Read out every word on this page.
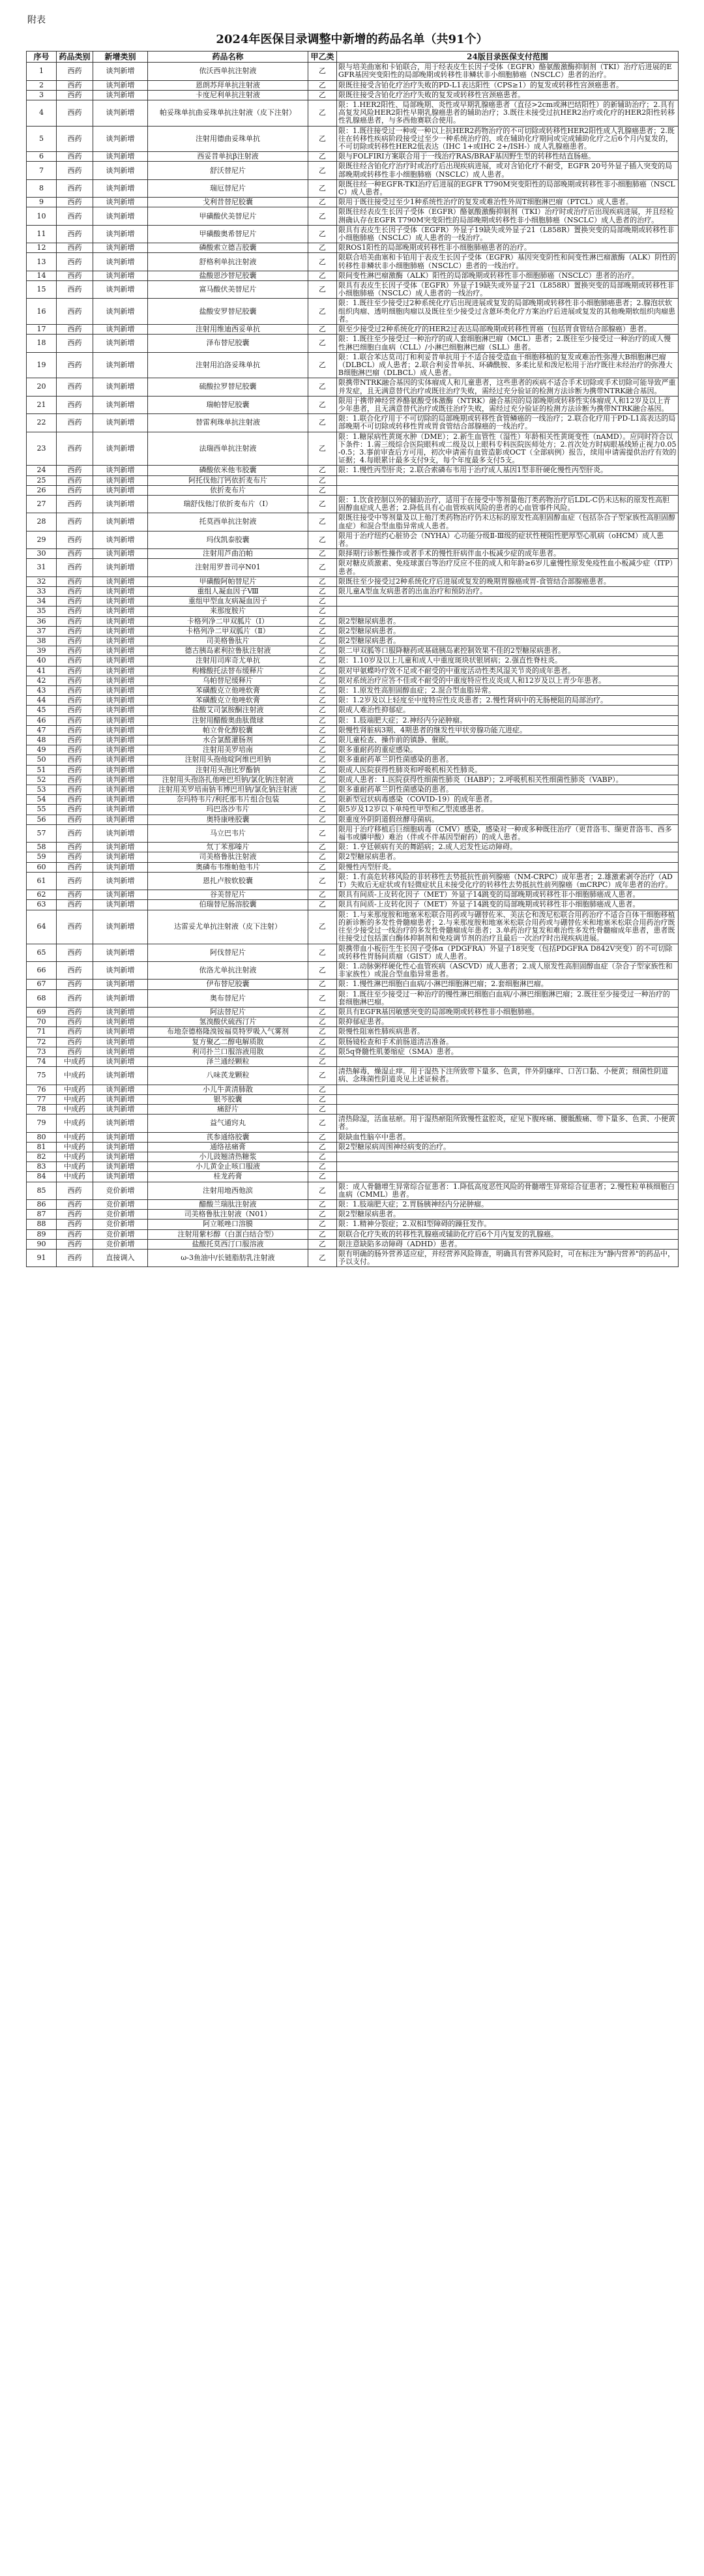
附表
2024年医保目录调整中新增的药品名单（共91个）
序号	药品类别	新增类别	药品名称	甲乙类	24版目录医保支付范围
1	西药	谈判新增	依沃西单抗注射液	乙	限与培美曲塞和卡铂联合，用于经表皮生长因子受体（EGFR）酪氨酸激酶抑制剂（TKI）治疗后进展的EGFR基因突变阳性的局部晚期或转移性非鳞状非小细胞肺癌（NSCLC）患者的治疗。
2	西药	谈判新增	恩朗苏拜单抗注射液	乙	限既往接受含铂化疗治疗失败的PD-L1表达阳性（CPS≥1）的复发或转移性宫颈癌患者。
3	西药	谈判新增	卡度尼利单抗注射液	乙	限既往接受含铂化疗治疗失败的复发或转移性宫颈癌患者。
4	西药	谈判新增	帕妥珠单抗曲妥珠单抗注射液（皮下注射）	乙	限：1.HER2阳性、局部晚期、炎性或早期乳腺癌患者（直径>2cm或淋巴结阳性）的新辅助治疗；2.具有高复发风险HER2阳性早期乳腺癌患者的辅助治疗；3.既往未接受过抗HER2治疗或化疗的HER2阳性转移性乳腺癌患者，与多西他赛联合使用。
5	西药	谈判新增	注射用德曲妥珠单抗	乙	限：1.既往接受过一种或一种以上抗HER2药物治疗的不可切除或转移性HER2阳性成人乳腺癌患者；2.既往在转移性疾病阶段接受过至少一种系统治疗的，或在辅助化疗期间或完成辅助化疗之后6个月内复发的，不可切除或转移性HER2低表达（IHC 1+或IHC 2+/ISH-）成人乳腺癌患者。
6	西药	谈判新增	西妥昔单抗β注射液	乙	限与FOLFIRI方案联合用于一线治疗RAS/BRAF基因野生型的转移性结直肠癌。
7	西药	谈判新增	舒沃替尼片	乙	限既往经含铂化疗治疗时或治疗后出现疾病进展，或对含铂化疗不耐受，EGFR 20号外显子插入突变的局部晚期或转移性非小细胞肺癌（NSCLC）成人患者。
8	西药	谈判新增	瑞厄替尼片	乙	限既往经一种EGFR-TKI治疗后进展的EGFR T790M突变阳性的局部晚期或转移性非小细胞肺癌（NSCLC）成人患者。
9	西药	谈判新增	戈利昔替尼胶囊	乙	限用于既往接受过至少1种系统性治疗的复发或难治性外周T细胞淋巴瘤（PTCL）成人患者。
10	西药	谈判新增	甲磺酸伏美替尼片	乙	限既往经表皮生长因子受体（EGFR）酪氨酸激酶抑制剂（TKI）治疗时或治疗后出现疾病进展，并且经检测确认存在EGFR T790M突变阳性的局部晚期或转移性非小细胞肺癌（NSCLC）成人患者的治疗。
11	西药	谈判新增	甲磺酸奥希替尼片	乙	限具有表皮生长因子受体（EGFR）外显子19缺失或外显子21（L858R）置换突变的局部晚期或转移性非小细胞肺癌（NSCLC）成人患者的一线治疗。
12	西药	谈判新增	磷酸索立德吉胶囊	乙	限ROS1阳性的局部晚期或转移性非小细胞肺癌患者的治疗。
13	西药	谈判新增	舒格利单抗注射液	乙	限联合培美曲塞和卡铂用于表皮生长因子受体（EGFR）基因突变阴性和间变性淋巴瘤激酶（ALK）阴性的转移性非鳞状非小细胞肺癌（NSCLC）患者的一线治疗。
14	西药	谈判新增	盐酸恩沙替尼胶囊	乙	限间变性淋巴瘤激酶（ALK）阳性的局部晚期或转移性非小细胞肺癌（NSCLC）患者的治疗。
15	西药	谈判新增	富马酸伏美替尼片	乙	限具有表皮生长因子受体（EGFR）外显子19缺失或外显子21（L858R）置换突变的局部晚期或转移性非小细胞肺癌（NSCLC）成人患者的一线治疗。
16	西药	谈判新增	盐酸安罗替尼胶囊	乙	限：1.既往至少接受过2种系统化疗后出现进展或复发的局部晚期或转移性非小细胞肺癌患者；2.腺泡状软组织肉瘤、透明细胞肉瘤以及既往至少接受过含蒽环类化疗方案治疗后进展或复发的其他晚期软组织肉瘤患者。
17	西药	谈判新增	注射用维迪西妥单抗	乙	限至少接受过2种系统化疗的HER2过表达局部晚期或转移性胃癌（包括胃食管结合部腺癌）患者。
18	西药	谈判新增	泽布替尼胶囊	乙	限：1.既往至少接受过一种治疗的成人套细胞淋巴瘤（MCL）患者；2.既往至少接受过一种治疗的成人慢性淋巴细胞白血病（CLL）/小淋巴细胞淋巴瘤（SLL）患者。
19	西药	谈判新增	注射用泊洛妥珠单抗	乙	限：1.联合苯达莫司汀和利妥昔单抗用于不适合接受造血干细胞移植的复发或难治性弥漫大B细胞淋巴瘤（DLBCL）成人患者；2.联合利妥昔单抗、环磷酰胺、多柔比星和泼尼松用于治疗既往未经治疗的弥漫大B细胞淋巴瘤（DLBCL）成人患者。
20	西药	谈判新增	硫酸拉罗替尼胶囊	乙	限携带NTRK融合基因的实体瘤成人和儿童患者，这些患者的疾病不适合手术切除或手术切除可能导致严重并发症，且无满意替代治疗或既往治疗失败，需经过充分验证的检测方法诊断为携带NTRK融合基因。
21	西药	谈判新增	瑞帕替尼胶囊	乙	限用于携带神经营养酪氨酸受体激酶（NTRK）融合基因的局部晚期或转移性实体瘤成人和12岁及以上青少年患者，且无满意替代治疗或既往治疗失败，需经过充分验证的检测方法诊断为携带NTRK融合基因。
22	西药	谈判新增	替雷利珠单抗注射液	乙	限：1.联合化疗用于不可切除的局部晚期或转移性食管鳞癌的一线治疗；2.联合化疗用于PD-L1高表达的局部晚期不可切除或转移性胃或胃食管结合部腺癌的一线治疗。
23	西药	谈判新增	法瑞西单抗注射液	乙	限：1.糖尿病性黄斑水肿（DME）；2.新生血管性（湿性）年龄相关性黄斑变性（nAMD）。应同时符合以下条件：1.需三级综合医院眼科或二级及以上眼科专科医院医师处方；2.首次处方时病眼基线矫正视力0.05-0.5；3.事前审查后方可用，初次申请需有血管造影或OCT（全部病例）报告，续用申请需提供治疗有效的证据；4.每眼累计最多支付9支，每个年度最多支付5支。
24	西药	谈判新增	磷酸依米他韦胶囊	乙	限：1.慢性丙型肝炎；2.联合索磷布韦用于治疗成人基因1型非肝硬化慢性丙型肝炎。
25	西药	谈判新增	阿托伐他汀钙依折麦布片	乙	
26	西药	谈判新增	依折麦布片	乙	
27	西药	谈判新增	瑞舒伐他汀依折麦布片（I）	乙	限：1.饮食控制以外的辅助治疗，适用于在接受中等剂量他汀类药物治疗后LDL-C仍未达标的原发性高胆固醇血症成人患者；2.降低具有心血管疾病风险的患者的心血管事件风险。
28	西药	谈判新增	托莫西单抗注射液	乙	限既往接受中等剂量及以上他汀类药物治疗仍未达标的原发性高胆固醇血症（包括杂合子型家族性高胆固醇血症）和混合型血脂异常成人患者。
29	西药	谈判新增	玛伐凯泰胶囊	乙	限用于治疗纽约心脏协会（NYHA）心功能分级Ⅱ-Ⅲ级的症状性梗阻性肥厚型心肌病（oHCM）成人患者。
30	西药	谈判新增	注射用芦曲泊帕	乙	限择期行诊断性操作或者手术的慢性肝病伴血小板减少症的成年患者。
31	西药	谈判新增	注射用罗普司亭N01	乙	限对糖皮质激素、免疫球蛋白等治疗反应不佳的成人和年龄≥6岁儿童慢性原发免疫性血小板减少症（ITP）患者。
32	西药	谈判新增	甲磺酸阿帕替尼片	乙	限既往至少接受过2种系统化疗后进展或复发的晚期胃腺癌或胃-食管结合部腺癌患者。
33	西药	谈判新增	重组人凝血因子Ⅷ	乙	限儿童A型血友病患者的出血治疗和预防治疗。
34	西药	谈判新增	重组甲型血友病凝血因子	乙	
35	西药	谈判新增	来那度胺片	乙	
36	西药	谈判新增	卡格列净二甲双胍片（Ⅰ）	乙	限2型糖尿病患者。
37	西药	谈判新增	卡格列净二甲双胍片（Ⅱ）	乙	限2型糖尿病患者。
38	西药	谈判新增	司美格鲁肽片	乙	限2型糖尿病患者。
39	西药	谈判新增	德古胰岛素利拉鲁肽注射液	乙	限二甲双胍等口服降糖药或基础胰岛素控制效果不佳的2型糖尿病患者。
40	西药	谈判新增	注射用司库奇尤单抗	乙	限：1.10岁及以上儿童和成人中重度斑块状银屑病；2.强直性脊柱炎。
41	西药	谈判新增	枸橼酸托法替布缓释片	乙	限对甲氨蝶呤疗效不足或不耐受的中重度活动性类风湿关节炎的成年患者。
42	西药	谈判新增	乌帕替尼缓释片	乙	限对系统治疗应答不佳或不耐受的中重度特应性皮炎成人和12岁及以上青少年患者。
43	西药	谈判新增	苯磺酸克立他唑软膏	乙	限：1.原发性高胆固醇血症；2.混合型血脂异常。
44	西药	谈判新增	苯磺酸克立他唑软膏	乙	限：1.2岁及以上轻度至中度特应性皮炎患者；2.慢性肾病中的无肠梗阻的局部治疗。
45	西药	谈判新增	盐酸艾司氯胺酮注射液	乙	限成人难治性抑郁症。
46	西药	谈判新增	注射用醋酸奥曲肽微球	乙	限：1.肢端肥大症；2.神经内分泌肿瘤。
47	西药	谈判新增	帕立骨化醇胶囊	乙	限慢性肾脏病3期、4期患者的继发性甲状旁腺功能亢进症。
48	西药	谈判新增	水合氯醛灌肠剂	乙	限儿童检查、操作前的镇静、催眠。
49	西药	谈判新增	注射用美罗培南	乙	限多重耐药的重症感染。
50	西药	谈判新增	注射用头孢他啶阿维巴坦钠	乙	限多重耐药革兰阴性菌感染的患者。
51	西药	谈判新增	注射用头孢比罗酯钠	乙	限成人医院获得性肺炎和呼吸机相关性肺炎。
52	西药	谈判新增	注射用头孢洛扎他唑巴坦钠/氯化钠注射液	乙	限成人患者：1.医院获得性细菌性肺炎（HABP）；2.呼吸机相关性细菌性肺炎（VABP）。
53	西药	谈判新增	注射用美罗培南钠韦博巴坦钠/氯化钠注射液	乙	限多重耐药革兰阴性菌感染的患者。
54	西药	谈判新增	奈玛特韦片/利托那韦片组合包装	乙	限新型冠状病毒感染（COVID-19）的成年患者。
55	西药	谈判新增	玛巴洛沙韦片	乙	限5岁及12岁以下单纯性甲型和乙型流感患者。
56	西药	谈判新增	奥特康唑胶囊	乙	限重度外阴阴道假丝酵母菌病。
57	西药	谈判新增	马立巴韦片	乙	限用于治疗移植后巨细胞病毒（CMV）感染，感染对一种或多种既往治疗（更昔洛韦、缬更昔洛韦、西多福韦或膦甲酸）难治（伴或不伴基因型耐药）的成人患者。
58	西药	谈判新增	氘丁苯那嗪片	乙	限：1.亨廷顿病有关的舞蹈病；2.成人迟发性运动障碍。
59	西药	谈判新增	司美格鲁肽注射液	乙	限2型糖尿病患者。
60	西药	谈判新增	奥磷布韦维帕他韦片	乙	限慢性丙型肝炎。
61	西药	谈判新增	恩扎卢胺软胶囊	乙	限：1.有高危转移风险的非转移性去势抵抗性前列腺癌（NM-CRPC）成年患者；2.雄激素剥夺治疗（ADT）失败后无症状或有轻微症状且未接受化疗的转移性去势抵抗性前列腺癌（mCRPC）成年患者的治疗。
62	西药	谈判新增	谷美替尼片	乙	限具有间质-上皮转化因子（MET）外显子14跳变的局部晚期或转移性非小细胞肺癌成人患者。
63	西药	谈判新增	伯瑞替尼肠溶胶囊	乙	限具有间质-上皮转化因子（MET）外显子14跳变的局部晚期或转移性非小细胞肺癌成人患者。
64	西药	谈判新增	达雷妥尤单抗注射液（皮下注射）	乙	限：1.与来那度胺和地塞米松联合用药或与硼替佐米、美法仑和泼尼松联合用药治疗不适合自体干细胞移植的新诊断的多发性骨髓瘤患者；2.与来那度胺和地塞米松联合用药或与硼替佐米和地塞米松联合用药治疗既往至少接受过一线治疗的多发性骨髓瘤成年患者；3.单药治疗复发和难治性多发性骨髓瘤成年患者，患者既往接受过包括蛋白酶体抑制剂和免疫调节剂的治疗且最后一次治疗时出现疾病进展。
65	西药	谈判新增	阿伐替尼片	乙	限携带血小板衍生生长因子受体α（PDGFRA）外显子18突变（包括PDGFRA D842V突变）的不可切除或转移性胃肠间质瘤（GIST）成人患者。
66	西药	谈判新增	依洛尤单抗注射液	乙	限：1.动脉粥样硬化性心血管疾病（ASCVD）成人患者；2.成人原发性高胆固醇血症（杂合子型家族性和非家族性）或混合型血脂异常患者。
67	西药	谈判新增	伊布替尼胶囊	乙	限：1.慢性淋巴细胞白血病/小淋巴细胞淋巴瘤；2.套细胞淋巴瘤。
68	西药	谈判新增	奥布替尼片	乙	限：1.既往至少接受过一种治疗的慢性淋巴细胞白血病/小淋巴细胞淋巴瘤；2.既往至少接受过一种治疗的套细胞淋巴瘤。
69	西药	谈判新增	阿法替尼片	乙	限具有EGFR基因敏感突变的局部晚期或转移性非小细胞肺癌。
70	西药	谈判新增	氢溴酸伏硫西汀片	乙	限抑郁症患者。
71	西药	谈判新增	布地奈德格隆溴铵福莫特罗吸入气雾剂	乙	限慢性阻塞性肺疾病患者。
72	西药	谈判新增	复方聚乙二醇电解质散	乙	限肠镜检查和手术前肠道清洁准备。
73	西药	谈判新增	利司扑兰口服溶液用散	乙	限5q脊髓性肌萎缩症（SMA）患者。
74	中成药	谈判新增	泽兰通经颗粒	乙	
75	中成药	谈判新增	八味芪龙颗粒	乙	清热解毒，燥湿止痒。用于湿热下注所致带下量多、色黄，伴外阴瘙痒、口苦口黏、小便黄；细菌性阴道病、念珠菌性阴道炎见上述证候者。
76	中成药	谈判新增	小儿牛黄清肺散	乙	
77	中成药	谈判新增	银芩胶囊	乙	
78	中成药	谈判新增	痛舒片	乙	
79	中成药	谈判新增	益气通窍丸	乙	清热除湿，活血祛瘀。用于湿热瘀阻所致慢性盆腔炎，症见下腹疼痛、腰骶酸痛、带下量多、色黄、小便黄者。
80	中成药	谈判新增	芪参通络胶囊	乙	限缺血性脑卒中患者。
81	中成药	谈判新增	通络祛痛膏	乙	限2型糖尿病周围神经病变的治疗。
82	中成药	谈判新增	小儿豉翘清热糖浆	乙	
83	中成药	谈判新增	小儿黄金止咳口服液	乙	
84	中成药	谈判新增	桂龙药膏	乙	
85	西药	竞价新增	注射用地西他滨	乙	限：成人骨髓增生异常综合征患者：1.降低高度恶性风险的骨髓增生异常综合征患者；2.慢性粒单核细胞白血病（CMML）患者。
86	西药	竞价新增	醋酸兰瑞肽注射液	乙	限：1.肢端肥大症；2.胃肠胰神经内分泌肿瘤。
87	西药	竞价新增	司美格鲁肽注射液（N01）	乙	限2型糖尿病患者。
88	西药	竞价新增	阿立哌唑口溶膜	乙	限：1.精神分裂症；2.双相Ⅰ型障碍的躁狂发作。
89	西药	竞价新增	注射用紫杉醇（白蛋白结合型）	乙	限联合化疗失败的转移性乳腺癌或辅助化疗后6个月内复发的乳腺癌。
90	西药	竞价新增	盐酸托莫西汀口服溶液	乙	限注意缺陷多动障碍（ADHD）患者。
91	西药	直接调入	ω-3鱼油中/长链脂肪乳注射液	乙	限有明确的肠外营养适应症，并经营养风险筛查，明确具有营养风险时，可在标注为"静内营养"的药品中，予以支付。
